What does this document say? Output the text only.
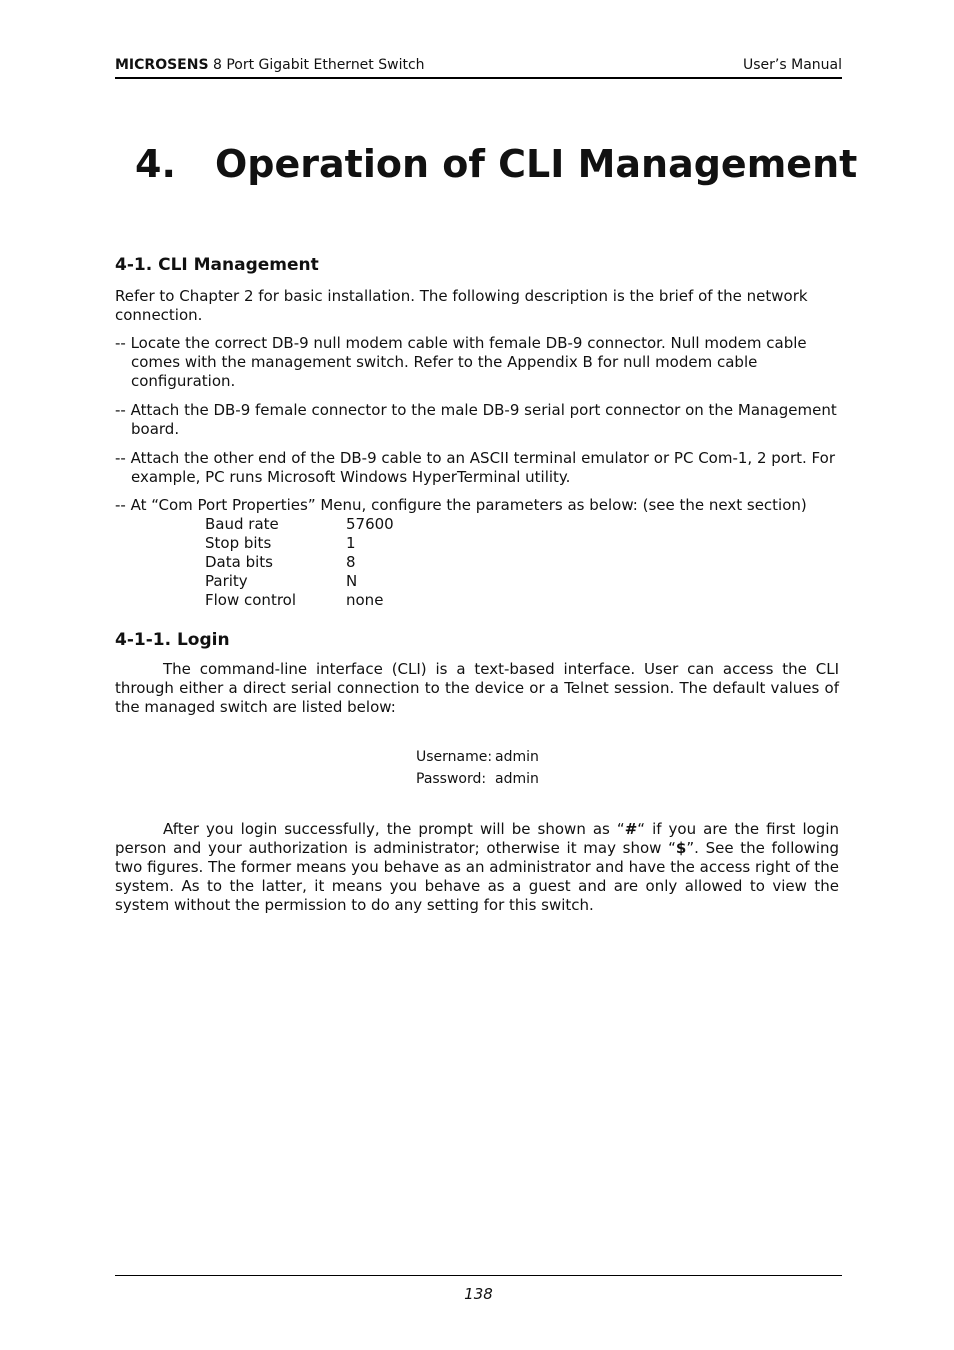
MICROSENS 8 Port Gigabit Ethernet Switch	User’s Manual
4. Operation of CLI Management
4-1. CLI Management

Refer to Chapter 2 for basic installation. The following description is the brief of the network connection.

-- Locate the correct DB-9 null modem cable with female DB-9 connector. Null modem cable comes with the management switch. Refer to the Appendix B for null modem cable configuration.

-- Attach the DB-9 female connector to the male DB-9 serial port connector on the Management board.

-- Attach the other end of the DB-9 cable to an ASCII terminal emulator or PC Com-1, 2 port. For example, PC runs Microsoft Windows HyperTerminal utility.

-- At “Com Port Properties” Menu, configure the parameters as below: (see the next section)

Baud rate	57600
Stop bits	1
Data bits	8
Parity	N
Flow control	none
4-1-1. Login

The command-line interface (CLI) is a text-based interface. User can access the CLI through either a direct serial connection to the device or a Telnet session. The default values of the managed switch are listed below:

Username: admin
Password: admin

After you login successfully, the prompt will be shown as “#“ if you are the first login person and your authorization is administrator; otherwise it may show “$”. See the following two figures. The former means you behave as an administrator and have the access right of the system. As to the latter, it means you behave as a guest and are only allowed to view the system without the permission to do any setting for this switch.

138
